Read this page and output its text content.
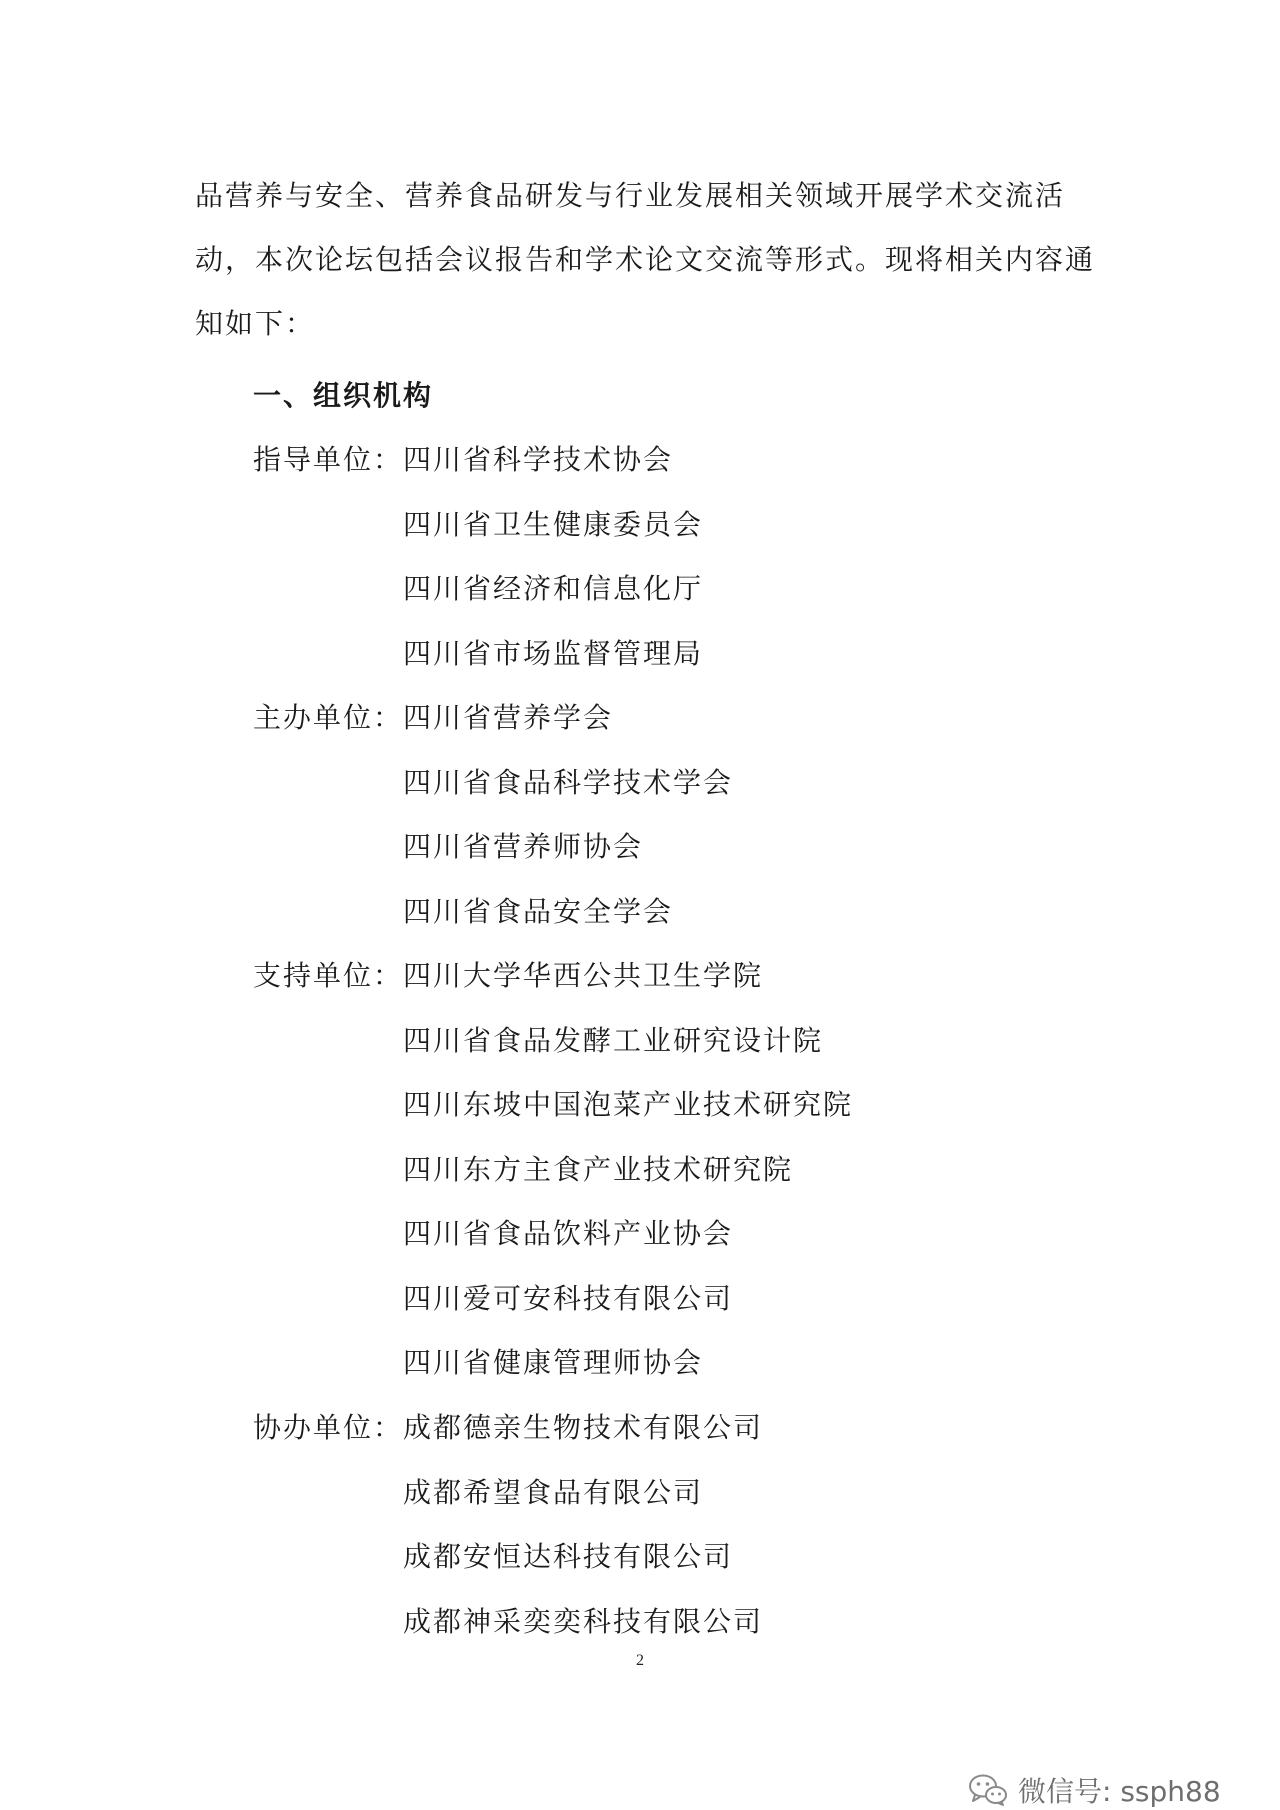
品营养与安全、营养食品研发与行业发展相关领域开展学术交流活
动，本次论坛包括会议报告和学术论文交流等形式。现将相关内容通
知如下：

一、组织机构
指导单位： 四川省科学技术协会
四川省卫生健康委员会
四川省经济和信息化厅
四川省市场监督管理局
主办单位： 四川省营养学会
四川省食品科学技术学会
四川省营养师协会
四川省食品安全学会
支持单位： 四川大学华西公共卫生学院
四川省食品发酵工业研究设计院
四川东坡中国泡菜产业技术研究院
四川东方主食产业技术研究院
四川省食品饮料产业协会
四川爱可安科技有限公司
四川省健康管理师协会
协办单位： 成都德亲生物技术有限公司
成都希望食品有限公司
成都安恒达科技有限公司
成都神采奕奕科技有限公司
2
微信号: ssph88
